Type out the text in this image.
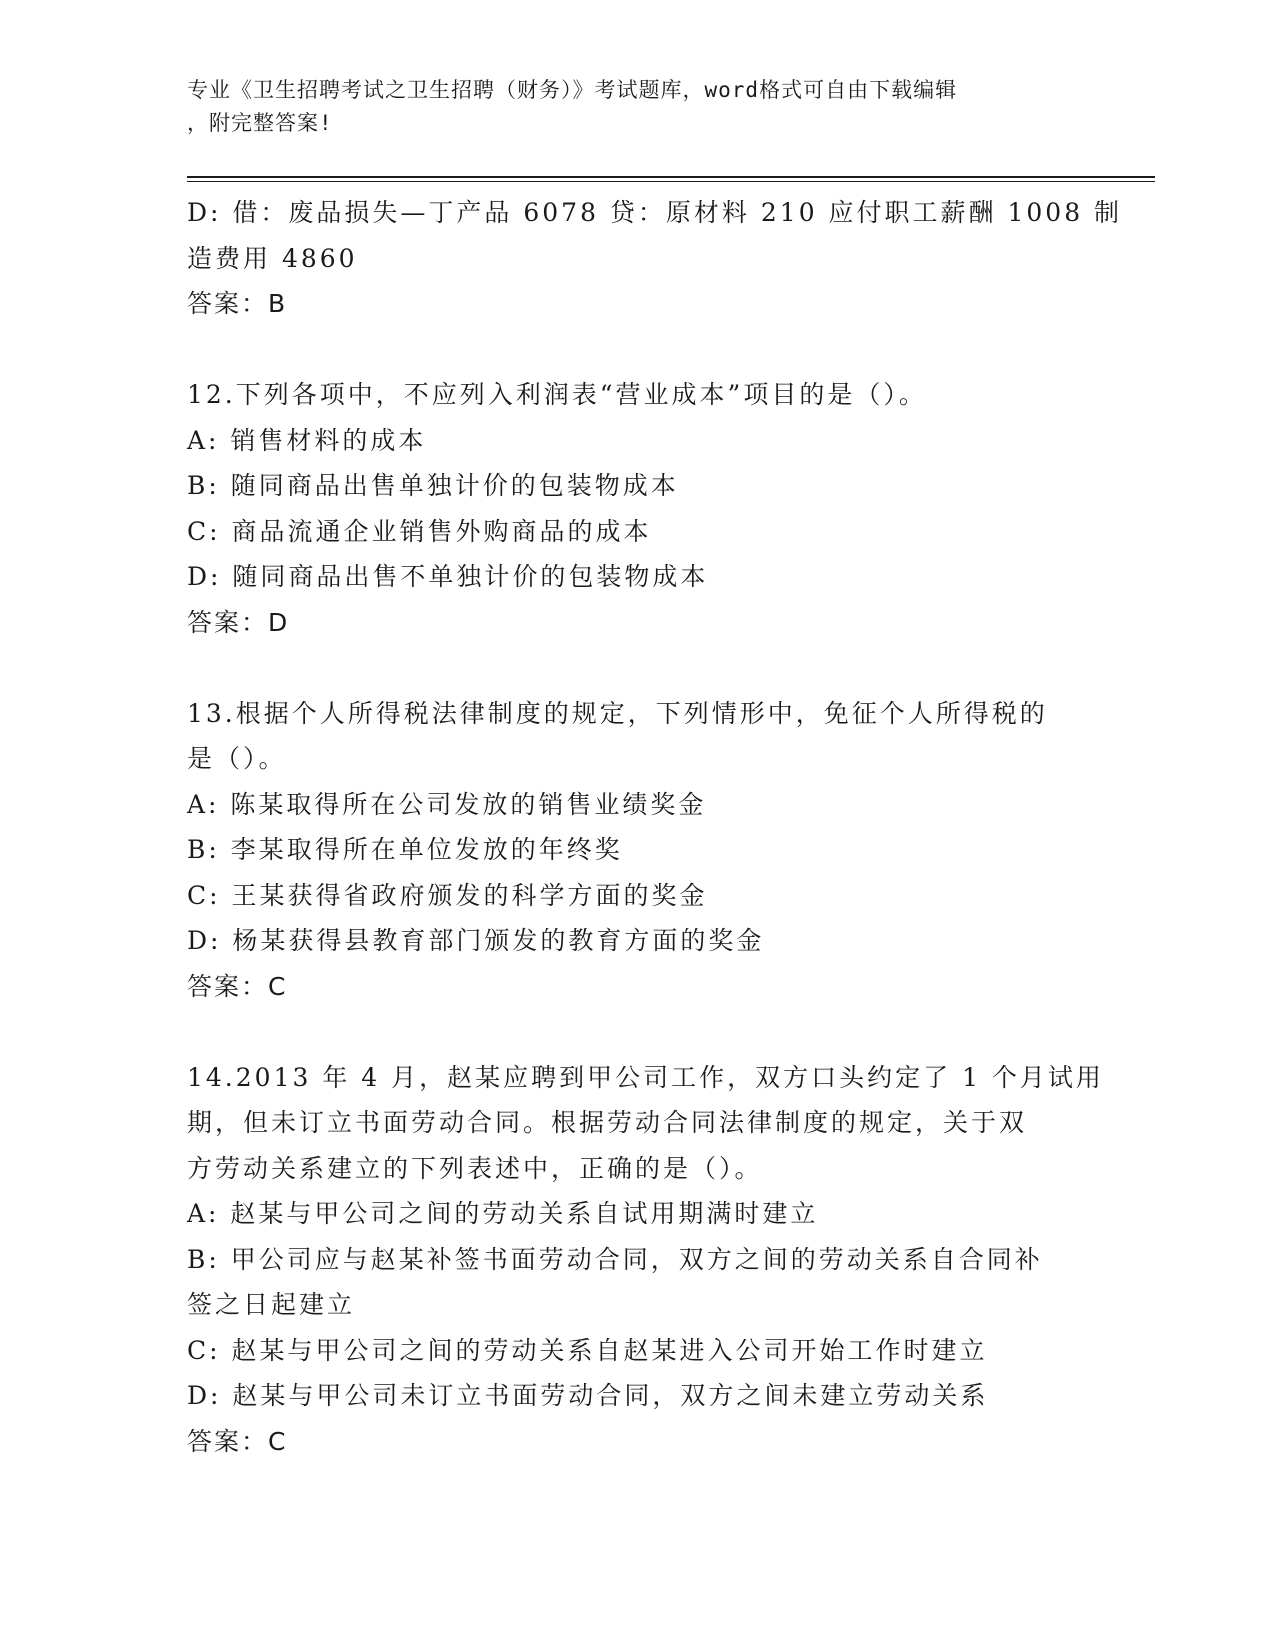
专业《卫生招聘考试之卫生招聘（财务）》考试题库，word格式可自由下载编辑
，附完整答案!
D: 借：废品损失—丁产品 6078 贷：原材料 210 应付职工薪酬 1008 制
造费用 4860
答案：B
12.下列各项中，不应列入利润表“营业成本”项目的是（）。
A: 销售材料的成本
B: 随同商品出售单独计价的包装物成本
C: 商品流通企业销售外购商品的成本
D: 随同商品出售不单独计价的包装物成本
答案：D
13.根据个人所得税法律制度的规定，下列情形中，免征个人所得税的
是（）。
A: 陈某取得所在公司发放的销售业绩奖金
B: 李某取得所在单位发放的年终奖
C: 王某获得省政府颁发的科学方面的奖金
D: 杨某获得县教育部门颁发的教育方面的奖金
答案：C
14.2013 年 4 月，赵某应聘到甲公司工作，双方口头约定了 1 个月试用
期，但未订立书面劳动合同。根据劳动合同法律制度的规定，关于双
方劳动关系建立的下列表述中，正确的是（）。
A: 赵某与甲公司之间的劳动关系自试用期满时建立
B: 甲公司应与赵某补签书面劳动合同，双方之间的劳动关系自合同补
签之日起建立
C: 赵某与甲公司之间的劳动关系自赵某进入公司开始工作时建立
D: 赵某与甲公司未订立书面劳动合同，双方之间未建立劳动关系
答案：C
